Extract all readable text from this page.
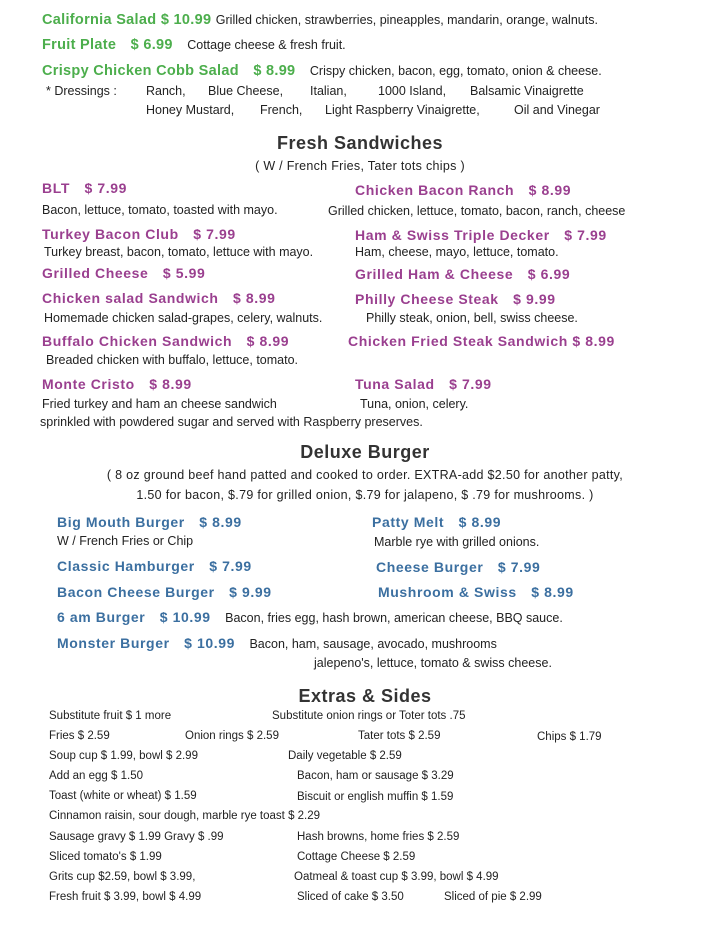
California Salad $ 10.99 Grilled chicken, strawberries, pineapples, mandarin, orange, walnuts.
Fruit Plate $ 6.99 Cottage cheese & fresh fruit.
Crispy Chicken Cobb Salad $ 8.99 Crispy chicken, bacon, egg, tomato, onion & cheese.
* Dressings : Ranch, Blue Cheese, Italian, 1000 Island, Balsamic Vinaigrette
Honey Mustard, French, Light Raspberry Vinaigrette,	Oil and Vinegar
Fresh Sandwiches
( W / French Fries, Tater tots chips )
BLT $ 7.99
Bacon, lettuce, tomato, toasted with mayo.
Turkey Bacon Club $ 7.99
Turkey breast, bacon, tomato, lettuce with mayo.
Grilled Cheese $ 5.99
Chicken salad Sandwich $ 8.99
Homemade chicken salad-grapes, celery, walnuts.
Buffalo Chicken Sandwich $ 8.99
Breaded chicken with buffalo, lettuce, tomato.
Monte Cristo $ 8.99
Fried turkey and ham an cheese sandwich
sprinkled with powdered sugar and served with Raspberry preserves.
Chicken Bacon Ranch $ 8.99
Grilled chicken, lettuce, tomato, bacon, ranch, cheese
Ham & Swiss Triple Decker $ 7.99
Ham, cheese, mayo, lettuce, tomato.
Grilled Ham & Cheese $ 6.99
Philly Cheese Steak $ 9.99
Philly steak, onion, bell, swiss cheese.
Chicken Fried Steak Sandwich $ 8.99
Tuna Salad $ 7.99
Tuna, onion, celery.
Deluxe Burger
( 8 oz ground beef hand patted and cooked to order. EXTRA-add $2.50 for another patty,
1.50 for bacon, $.79 for grilled onion, $.79 for jalapeno, $ .79 for mushrooms. )
Big Mouth Burger $ 8.99
W / French Fries or Chip
Patty Melt $ 8.99
Marble rye with grilled onions.
Classic Hamburger $ 7.99	Cheese Burger $ 7.99
Bacon Cheese Burger $ 9.99	Mushroom & Swiss $ 8.99
6 am Burger $ 10.99 Bacon, fries egg, hash brown, american cheese, BBQ sauce.
Monster Burger $ 10.99 Bacon, ham, sausage, avocado, mushrooms
jalepeno's, lettuce, tomato & swiss cheese.
Extras & Sides
Substitute fruit $ 1 more	Substitute onion rings or Toter tots .75
Fries $ 2.59	Onion rings $ 2.59	Tater tots $ 2.59	Chips $ 1.79
Soup cup $ 1.99, bowl $ 2.99	Daily vegetable $ 2.59
Add an egg $ 1.50	Bacon, ham or sausage $ 3.29
Toast (white or wheat) $ 1.59	Biscuit or english muffin $ 1.59
Cinnamon raisin, sour dough, marble rye toast $ 2.29
Sausage gravy $ 1.99 Gravy $ .99	Hash browns, home fries $ 2.59
Sliced tomato's $ 1.99	Cottage Cheese $ 2.59
Grits cup $2.59, bowl $ 3.99,	Oatmeal & toast cup $ 3.99, bowl $ 4.99
Fresh fruit $ 3.99, bowl $ 4.99	Sliced of cake $ 3.50	Sliced of pie $ 2.99
